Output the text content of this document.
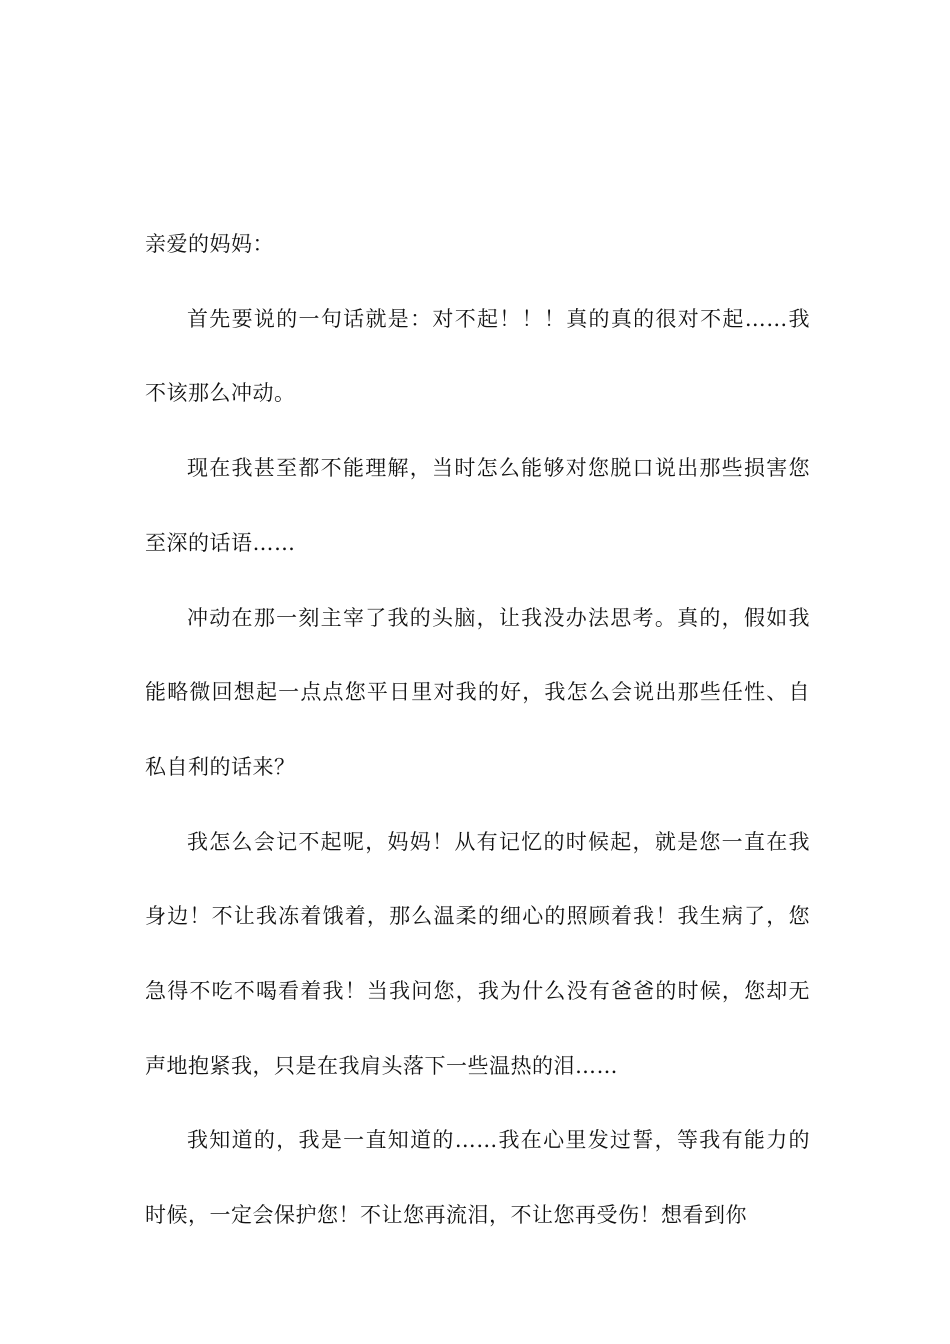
亲爱的妈妈：

首先要说的一句话就是：对不起！！！真的真的很对不起……我不该那么冲动。

现在我甚至都不能理解，当时怎么能够对您脱口说出那些损害您至深的话语……

冲动在那一刻主宰了我的头脑，让我没办法思考。真的，假如我能略微回想起一点点您平日里对我的好，我怎么会说出那些任性、自私自利的话来？

我怎么会记不起呢，妈妈！从有记忆的时候起，就是您一直在我身边！不让我冻着饿着，那么温柔的细心的照顾着我！我生病了，您急得不吃不喝看着我！当我问您，我为什么没有爸爸的时候，您却无声地抱紧我，只是在我肩头落下一些温热的泪……

我知道的，我是一直知道的……我在心里发过誓，等我有能力的时候，一定会保护您！不让您再流泪，不让您再受伤！想看到你
